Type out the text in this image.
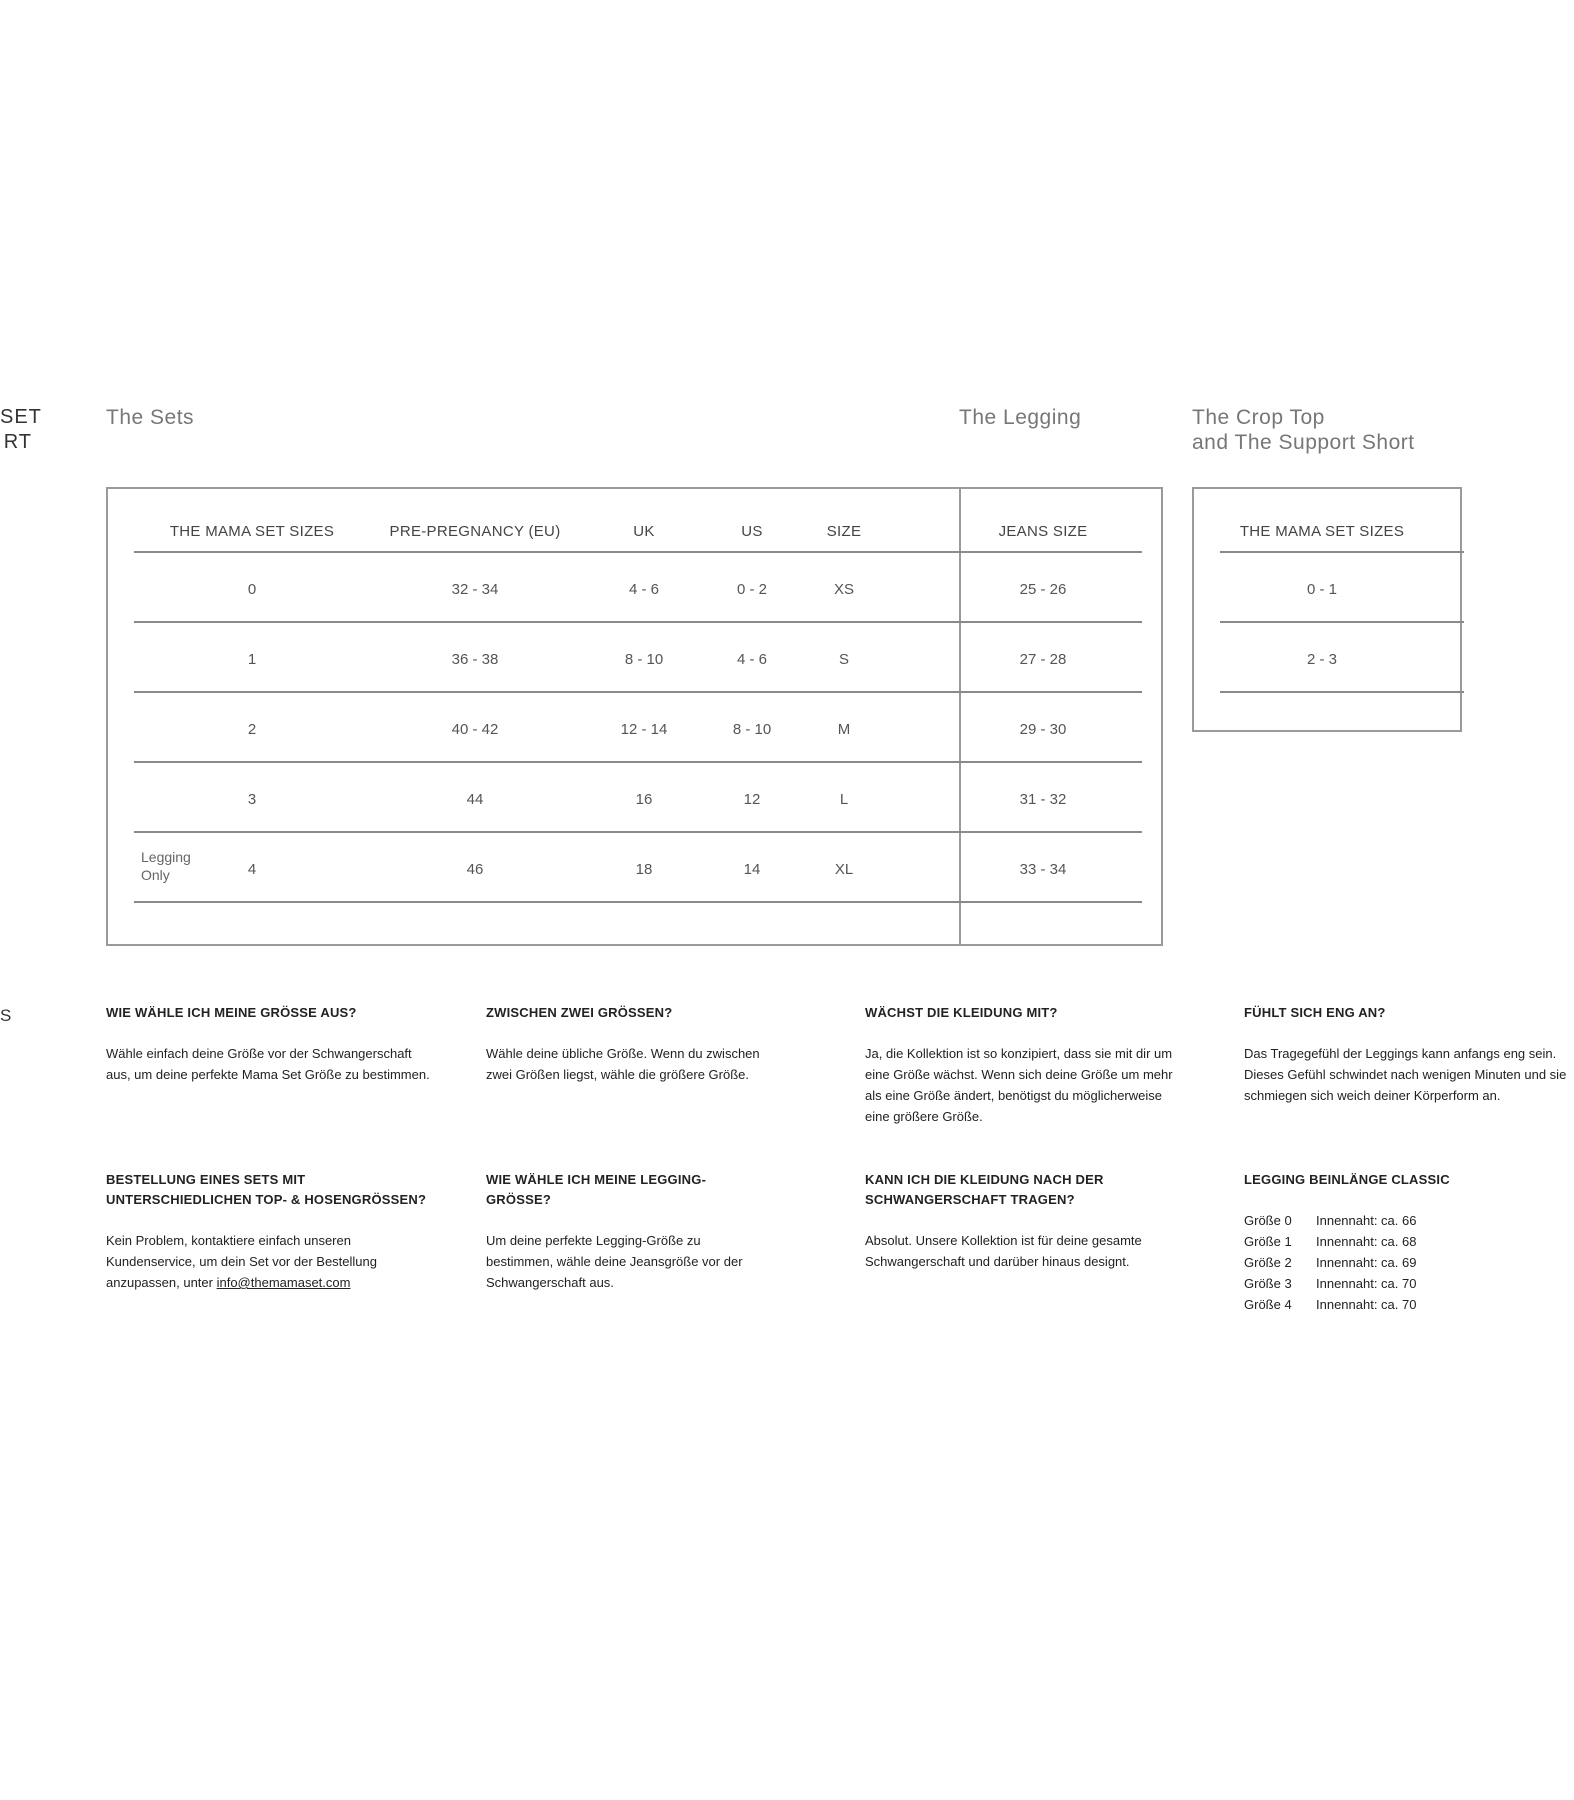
SET
RT
S
The Sets	The Legging	The Crop Top
and The Support Short
THE MAMA SET SIZES	PRE-PREGNANCY (EU)	UK	US	SIZE	JEANS SIZE
0	32 - 34	4 - 6	0 - 2	XS	25 - 26
1	36 - 38	8 - 10	4 - 6	S	27 - 28
2	40 - 42	12 - 14	8 - 10	M	29 - 30
3	44	16	12	L	31 - 32
Legging Only	4	46	18	14	XL	33 - 34
THE MAMA SET SIZES
0 - 1
2 - 3

WIE WÄHLE ICH MEINE GRÖSSE AUS?

Wähle einfach deine Größe vor der Schwangerschaft aus, um deine perfekte Mama Set Größe zu bestimmen.

ZWISCHEN ZWEI GRÖSSEN?

Wähle deine übliche Größe. Wenn du zwischen zwei Größen liegst, wähle die größere Größe.

WÄCHST DIE KLEIDUNG MIT?

Ja, die Kollektion ist so konzipiert, dass sie mit dir um eine Größe wächst. Wenn sich deine Größe um mehr als eine Größe ändert, benötigst du möglicherweise eine größere Größe.

FÜHLT SICH ENG AN?

Das Tragegefühl der Leggings kann anfangs eng sein. Dieses Gefühl schwindet nach wenigen Minuten und sie schmiegen sich weich deiner Körperform an.

BESTELLUNG EINES SETS MIT UNTERSCHIEDLICHEN TOP- & HOSENGRÖSSEN?

Kein Problem, kontaktiere einfach unseren Kundenservice, um dein Set vor der Bestellung anzupassen, unter info@themamaset.com

WIE WÄHLE ICH MEINE LEGGING-GRÖSSE?

Um deine perfekte Legging-Größe zu bestimmen, wähle deine Jeansgröße vor der Schwangerschaft aus.

KANN ICH DIE KLEIDUNG NACH DER SCHWANGERSCHAFT TRAGEN?

Absolut. Unsere Kollektion ist für deine gesamte Schwangerschaft und darüber hinaus designt.

LEGGING BEINLÄNGE CLASSIC

Größe 0 Innennaht: ca. 66
Größe 1 Innennaht: ca. 68
Größe 2 Innennaht: ca. 69
Größe 3 Innennaht: ca. 70
Größe 4 Innennaht: ca. 70
